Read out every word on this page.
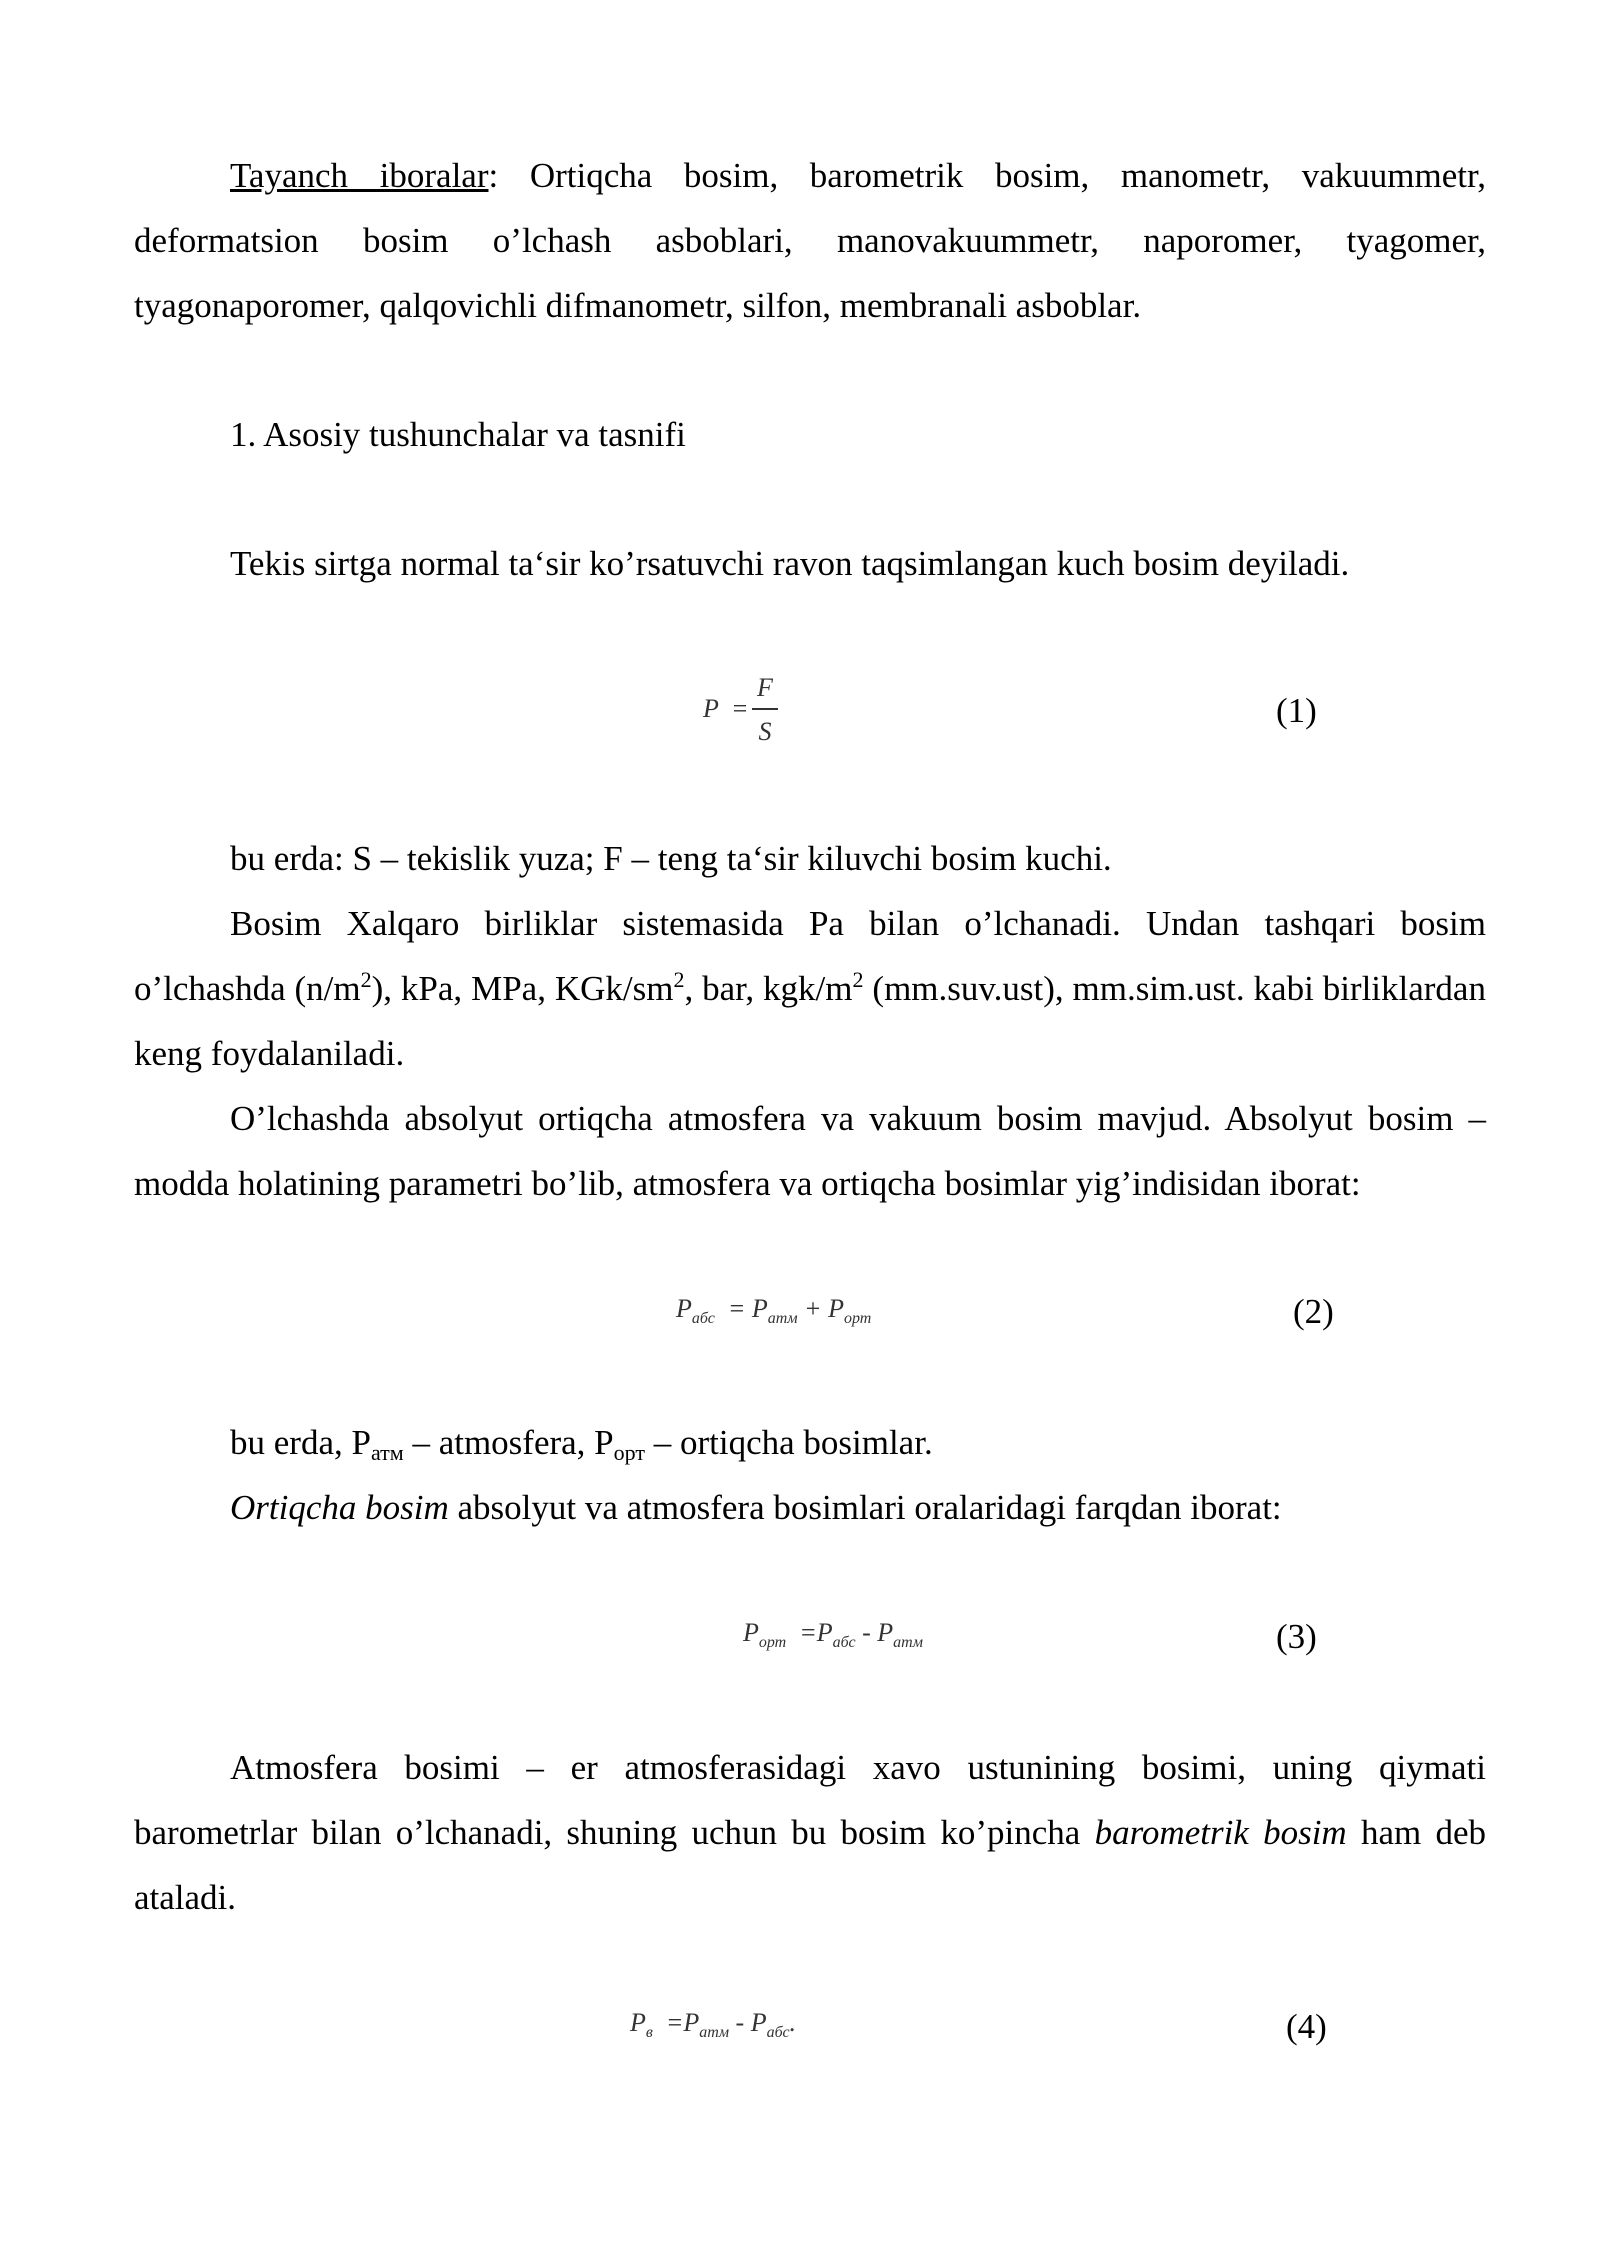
Tayanch iboralar: Ortiqcha bosim, barometrik bosim, manometr, vakuummetr, deformatsion bosim o’lchash asboblari, manovakuummetr, naporomer, tyagomer, tyagonaporomer, qalqovichli difmanometr, silfon, membranali asboblar.

1. Asosiy tushunchalar va tasnifi

Tekis sirtga normal ta‘sir ko’rsatuvchi ravon taqsimlangan kuch bosim deyiladi.

P =
F
S
(1)

bu erda: S – tekislik yuza; F – teng ta‘sir kiluvchi bosim kuchi.

Bosim Xalqaro birliklar sistemasida Pa bilan o’lchanadi. Undan tashqari bosim o’lchashda $(n/m^2)$, kPa, MPa, KGk/$sm^2$, bar, kgk/$m^2$ (mm.suv.ust), mm.sim.ust. kabi birliklardan keng foydalaniladi.

O’lchashda absolyut ortiqcha atmosfera va vakuum bosim mavjud. Absolyut bosim – modda holatining parametri bo’lib, atmosfera va ortiqcha bosimlar yig’indisidan iborat:

$P_{абс} = P_{атм} + P_{орт}$	(2)

bu erda, $P_{атм}$ – atmosfera, $P_{орт}$ – ortiqcha bosimlar.

Ortiqcha bosim absolyut va atmosfera bosimlari oralaridagi farqdan iborat:

$P_{орт} =P_{абс} - P_{атм}$	(3)

Atmosfera bosimi – er atmosferasidagi xavo ustunining bosimi, uning qiymati barometrlar bilan o’lchanadi, shuning uchun bu bosim ko’pincha barometrik bosim ham deb ataladi.

$P_в =P_{атм} - P_{абс}$.	(4)
